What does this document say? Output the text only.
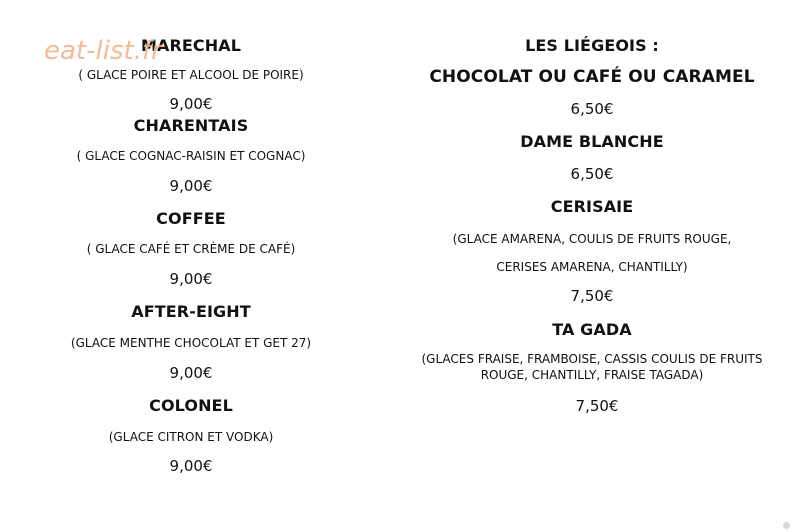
MARECHAL
( GLACE POIRE ET ALCOOL DE POIRE)
9,00€
CHARENTAIS
( GLACE COGNAC-RAISIN ET COGNAC)
9,00€
COFFEE
( GLACE CAFÉ ET CRÈME DE CAFÉ)
9,00€
AFTER-EIGHT
(GLACE MENTHE CHOCOLAT ET GET 27)
9,00€
COLONEL
(GLACE CITRON ET VODKA)
9,00€
LES LIÉGEOIS :
CHOCOLAT OU CAFÉ OU CARAMEL
6,50€
DAME BLANCHE
6,50€
CERISAIE
(GLACE AMARENA, COULIS DE FRUITS ROUGE,
CERISES AMARENA, CHANTILLY)
7,50€
TA GADA
(GLACES FRAISE, FRAMBOISE, CASSIS COULIS DE FRUITS
ROUGE, CHANTILLY, FRAISE TAGADA)
7,50€
eat-list.fr
